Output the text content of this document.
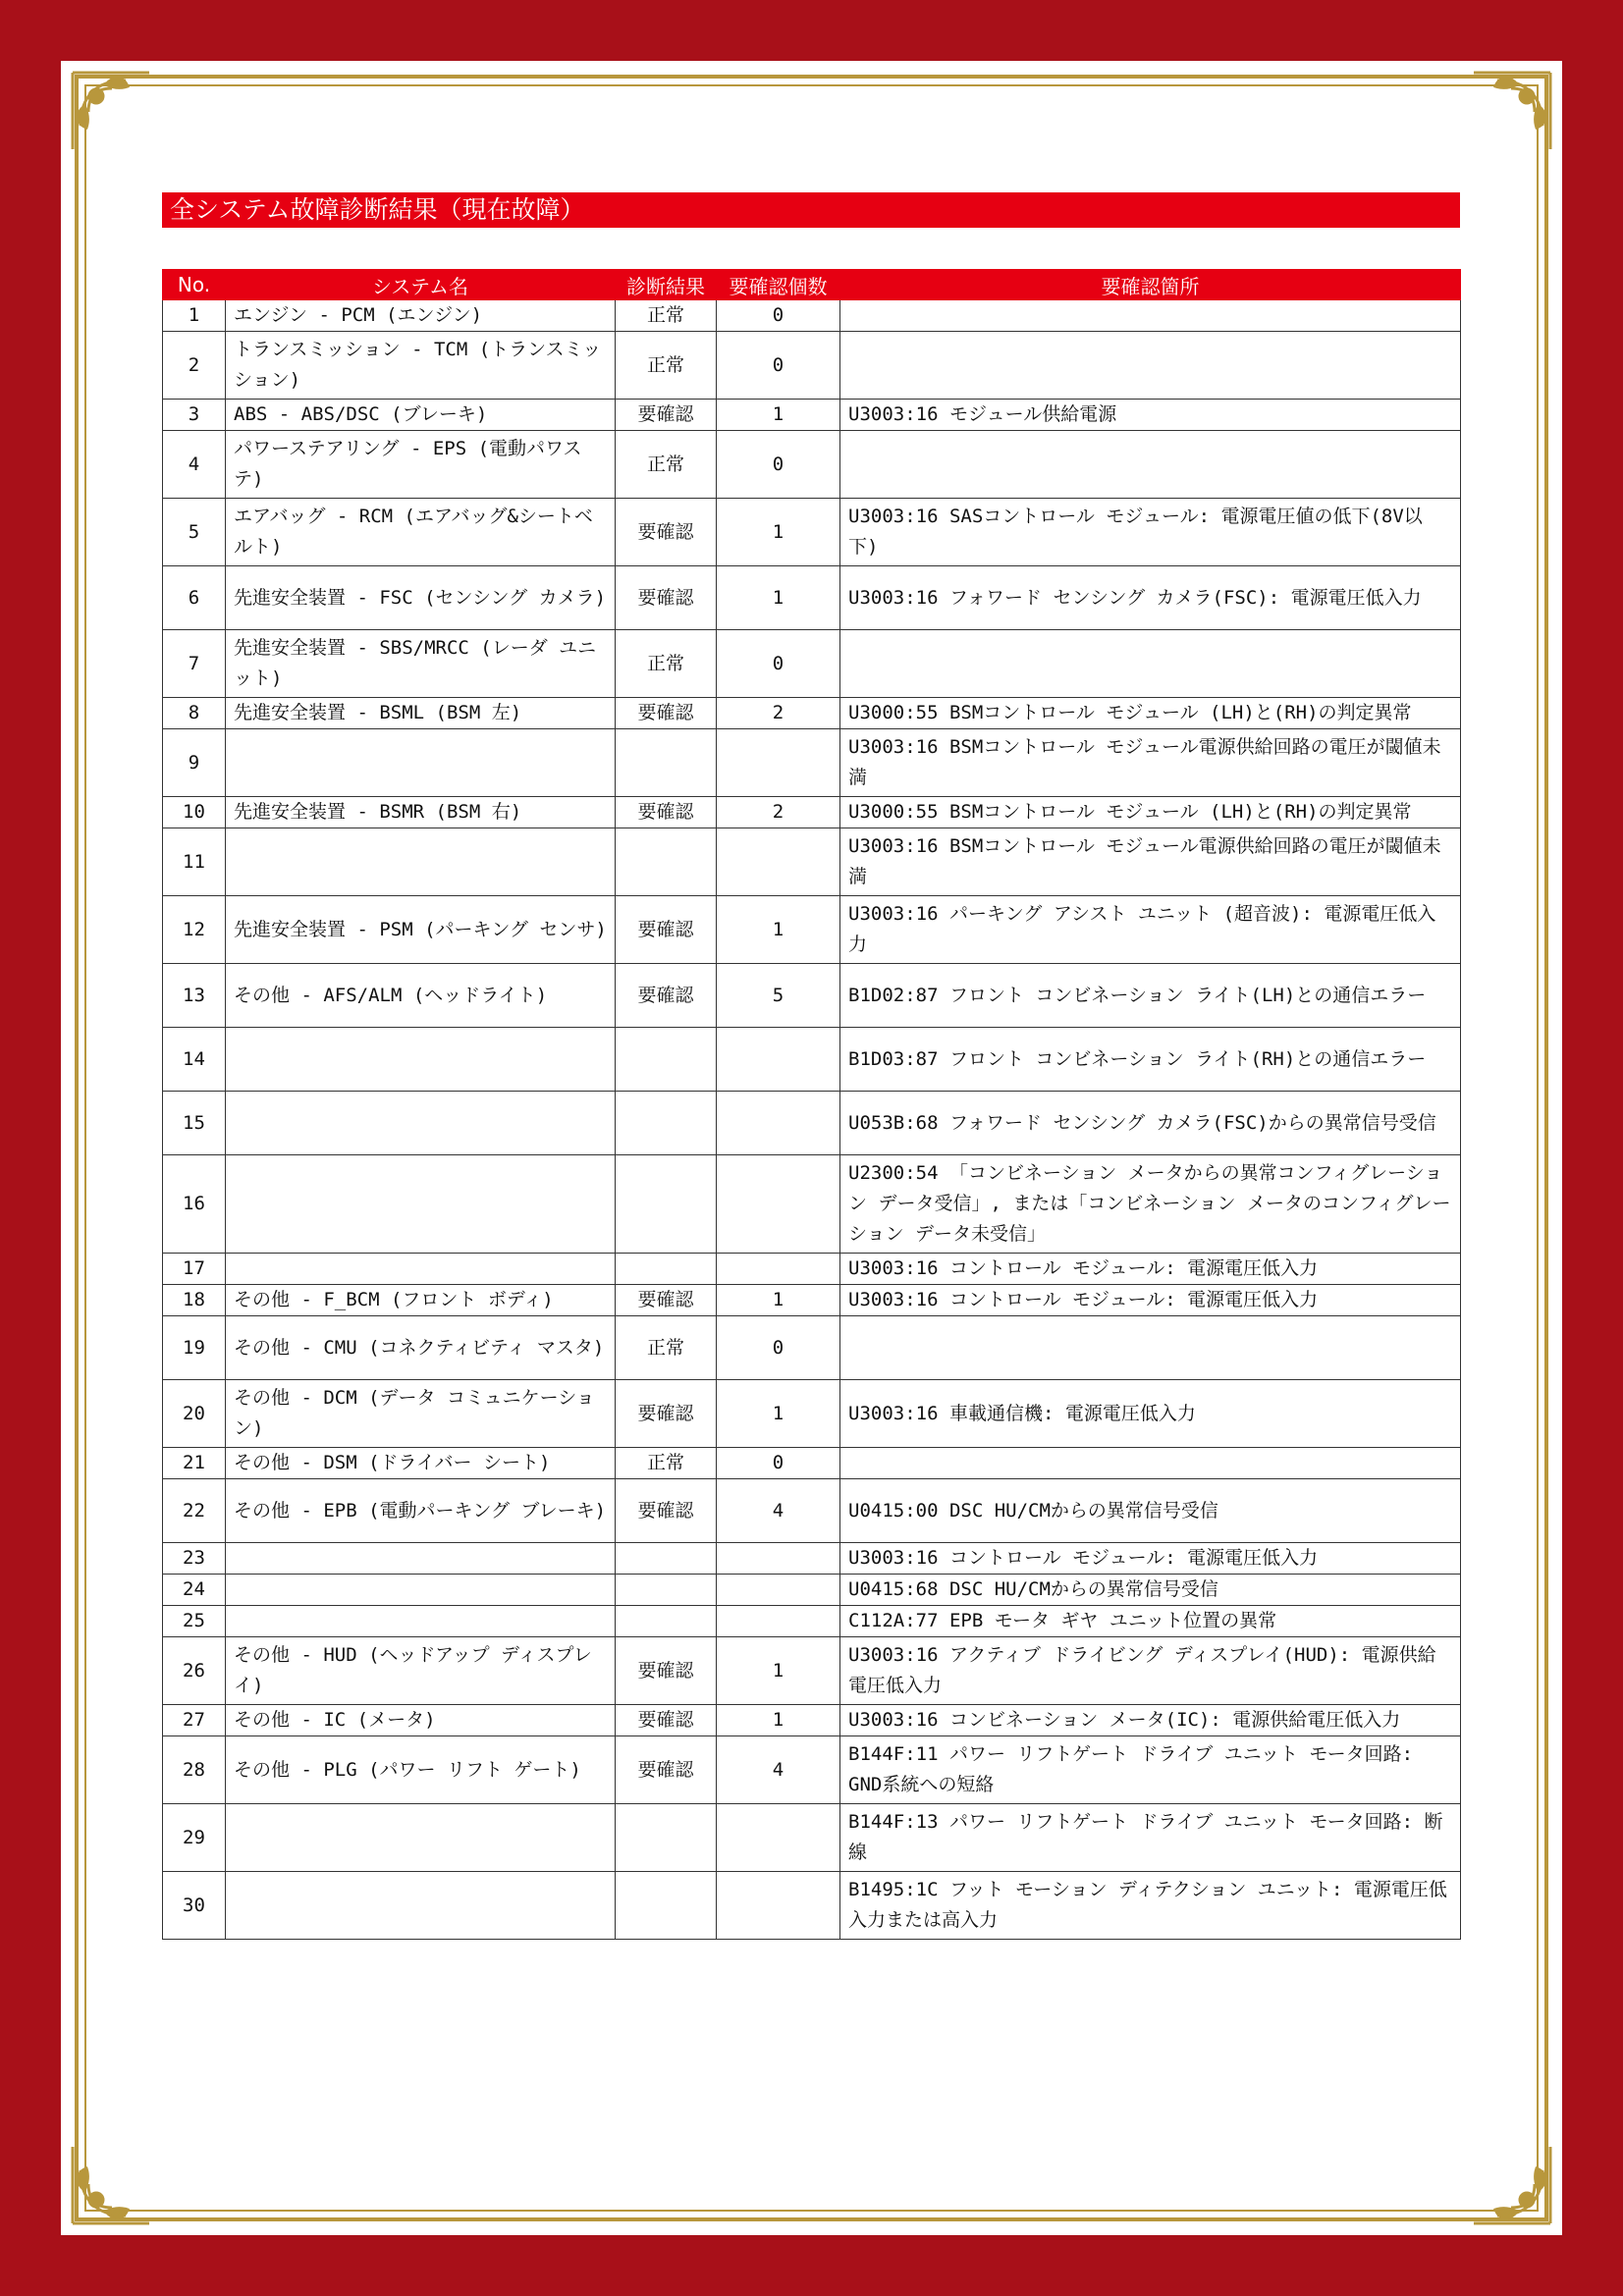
全システム故障診断結果（現在故障）
No.	システム名	診断結果	要確認個数	要確認箇所
1	エンジン - PCM (エンジン)	正常	0	
2	トランスミッション - TCM (トランスミッション)	正常	0	
3	ABS - ABS/DSC (ブレーキ)	要確認	1	U3003:16 モジュール供給電源
4	パワーステアリング - EPS (電動パワステ)	正常	0	
5	エアバッグ - RCM (エアバッグ&シートベルト)	要確認	1	U3003:16 SASコントロール モジュール: 電源電圧値の低下(8V以下)
6	先進安全装置 - FSC (センシング カメラ)	要確認	1	U3003:16 フォワード センシング カメラ(FSC): 電源電圧低入力
7	先進安全装置 - SBS/MRCC (レーダ ユニット)	正常	0	
8	先進安全装置 - BSML (BSM 左)	要確認	2	U3000:55 BSMコントロール モジュール (LH)と(RH)の判定異常
9				U3003:16 BSMコントロール モジュール電源供給回路の電圧が閾値未満
10	先進安全装置 - BSMR (BSM 右)	要確認	2	U3000:55 BSMコントロール モジュール (LH)と(RH)の判定異常
11				U3003:16 BSMコントロール モジュール電源供給回路の電圧が閾値未満
12	先進安全装置 - PSM (パーキング センサ)	要確認	1	U3003:16 パーキング アシスト ユニット (超音波): 電源電圧低入力
13	その他 - AFS/ALM (ヘッドライト)	要確認	5	B1D02:87 フロント コンビネーション ライト(LH)との通信エラー
14				B1D03:87 フロント コンビネーション ライト(RH)との通信エラー
15				U053B:68 フォワード センシング カメラ(FSC)からの異常信号受信
16				U2300:54 「コンビネーション メータからの異常コンフィグレーション データ受信」, または「コンビネーション メータのコンフィグレーション データ未受信」
17				U3003:16 コントロール モジュール: 電源電圧低入力
18	その他 - F_BCM (フロント ボディ)	要確認	1	U3003:16 コントロール モジュール: 電源電圧低入力
19	その他 - CMU (コネクティビティ マスタ)	正常	0	
20	その他 - DCM (データ コミュニケーション)	要確認	1	U3003:16 車載通信機: 電源電圧低入力
21	その他 - DSM (ドライバー シート)	正常	0	
22	その他 - EPB (電動パーキング ブレーキ)	要確認	4	U0415:00 DSC HU/CMからの異常信号受信
23				U3003:16 コントロール モジュール: 電源電圧低入力
24				U0415:68 DSC HU/CMからの異常信号受信
25				C112A:77 EPB モータ ギヤ ユニット位置の異常
26	その他 - HUD (ヘッドアップ ディスプレイ)	要確認	1	U3003:16 アクティブ ドライビング ディスプレイ(HUD): 電源供給電圧低入力
27	その他 - IC (メータ)	要確認	1	U3003:16 コンビネーション メータ(IC): 電源供給電圧低入力
28	その他 - PLG (パワー リフト ゲート)	要確認	4	B144F:11 パワー リフトゲート ドライブ ユニット モータ回路: GND系統への短絡
29				B144F:13 パワー リフトゲート ドライブ ユニット モータ回路: 断線
30				B1495:1C フット モーション ディテクション ユニット: 電源電圧低入力または高入力
